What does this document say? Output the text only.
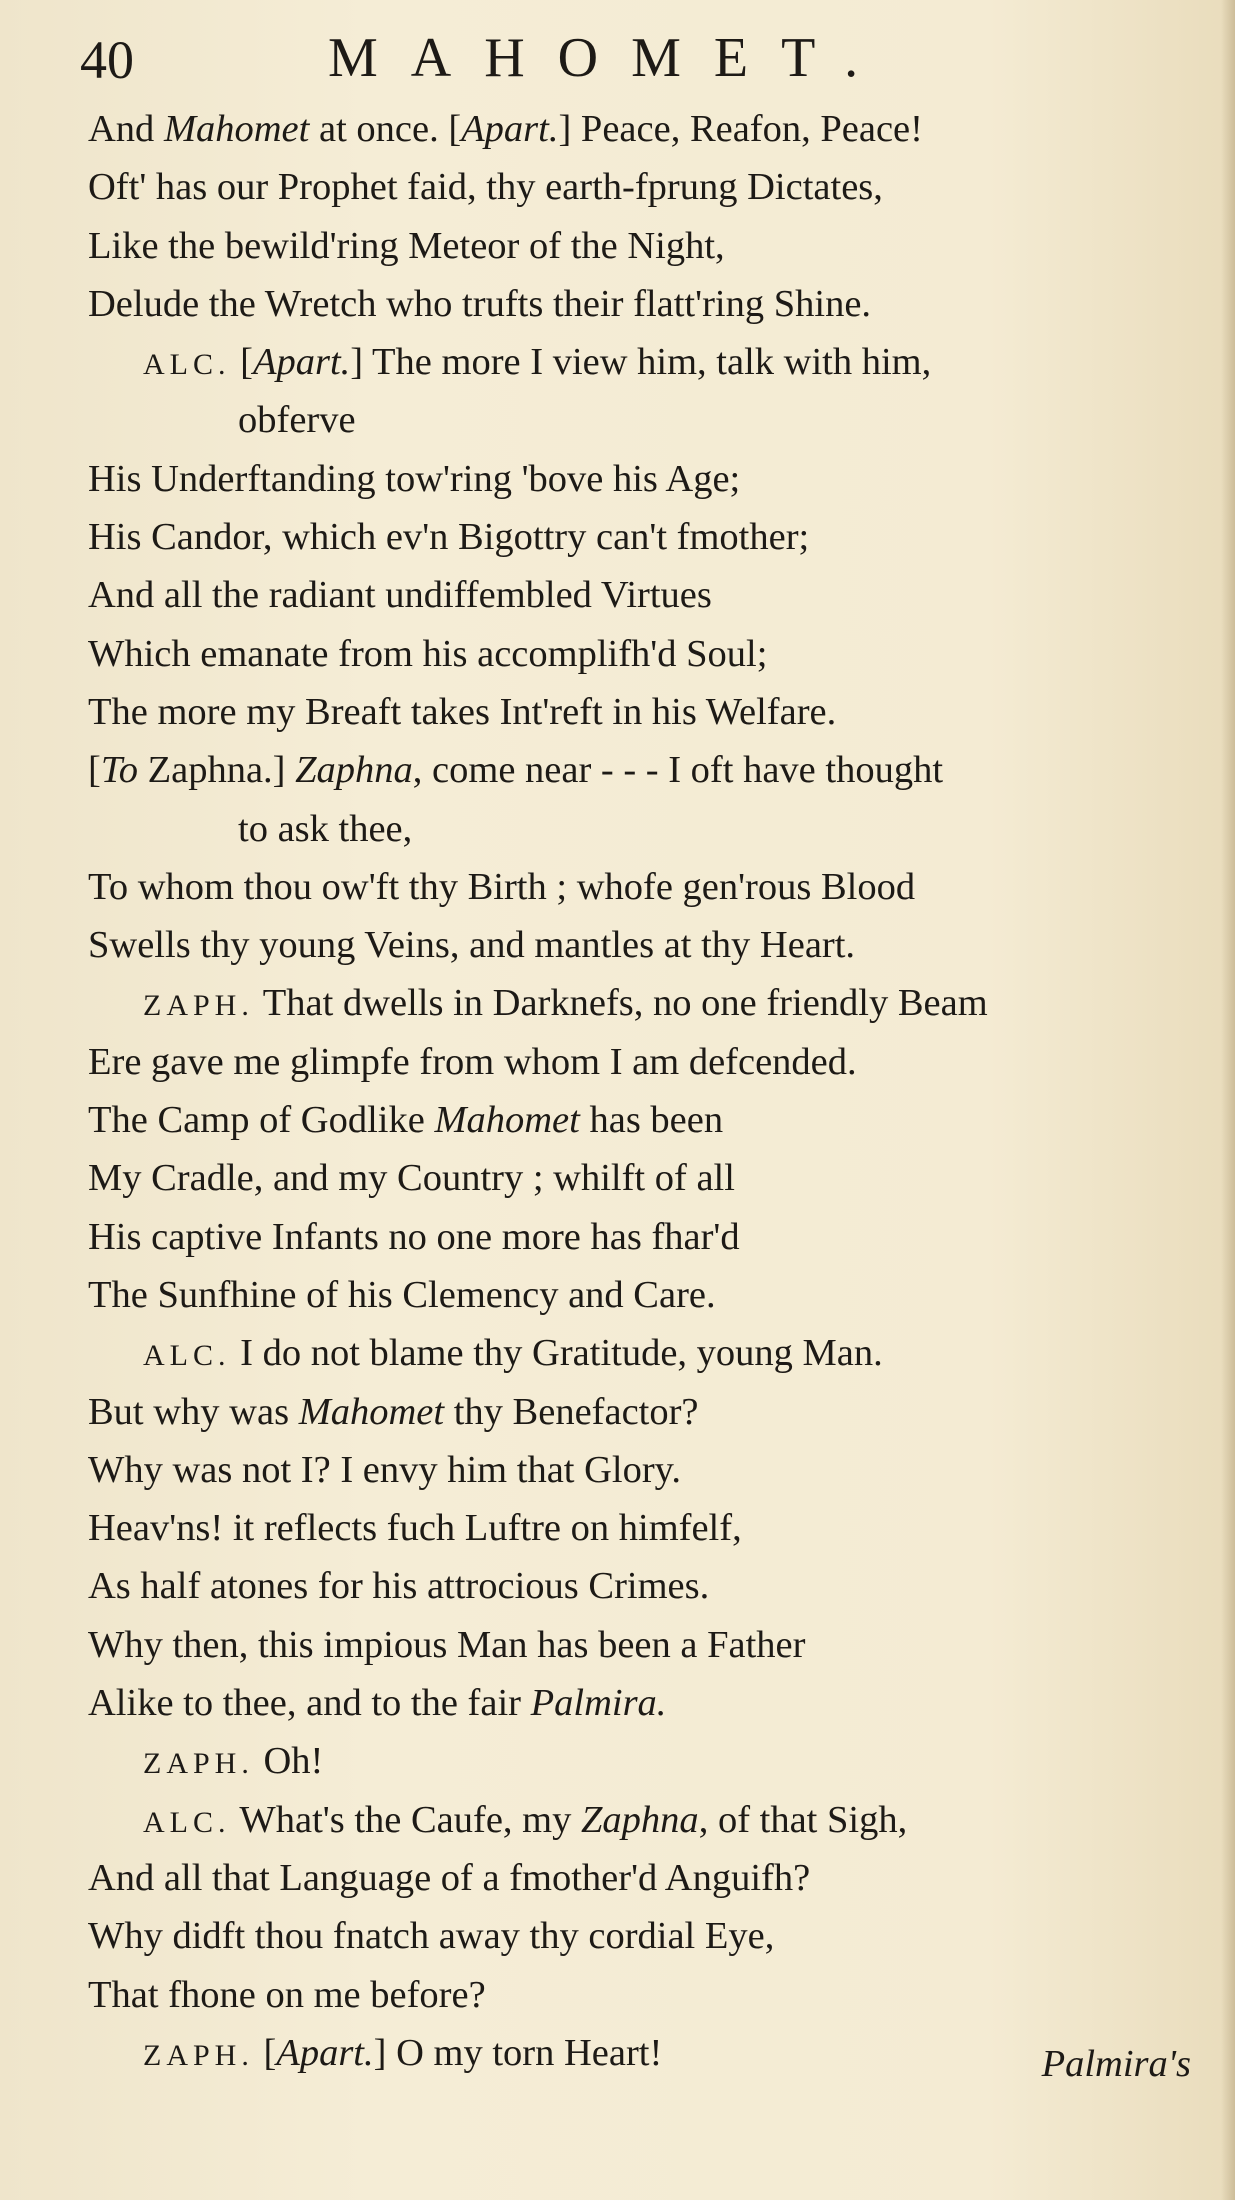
40	MAHOMET.
And Mahomet at once. [Apart.] Peace, Reafon, Peace!
Oft' has our Prophet faid, thy earth-fprung Dictates,
Like the bewild'ring Meteor of the Night,
Delude the Wretch who trufts their flatt'ring Shine.
ALC. [Apart.] The more I view him, talk with him,
obferve
His Underftanding tow'ring 'bove his Age;
His Candor, which ev'n Bigottry can't fmother;
And all the radiant undiffembled Virtues
Which emanate from his accomplifh'd Soul;
The more my Breaft takes Int'reft in his Welfare.
[To Zaphna.] Zaphna, come near - - - I oft have thought
to ask thee,
To whom thou ow'ft thy Birth ; whofe gen'rous Blood
Swells thy young Veins, and mantles at thy Heart.
ZAPH. That dwells in Darknefs, no one friendly Beam
Ere gave me glimpfe from whom I am defcended.
The Camp of Godlike Mahomet has been
My Cradle, and my Country ; whilft of all
His captive Infants no one more has fhar'd
The Sunfhine of his Clemency and Care.
ALC. I do not blame thy Gratitude, young Man.
But why was Mahomet thy Benefactor?
Why was not I? I envy him that Glory.
Heav'ns! it reflects fuch Luftre on himfelf,
As half atones for his attrocious Crimes.
Why then, this impious Man has been a Father
Alike to thee, and to the fair Palmira.
ZAPH. Oh!
ALC. What's the Caufe, my Zaphna, of that Sigh,
And all that Language of a fmother'd Anguifh?
Why didft thou fnatch away thy cordial Eye,
That fhone on me before?
ZAPH. [Apart.] O my torn Heart!	Palmira's
